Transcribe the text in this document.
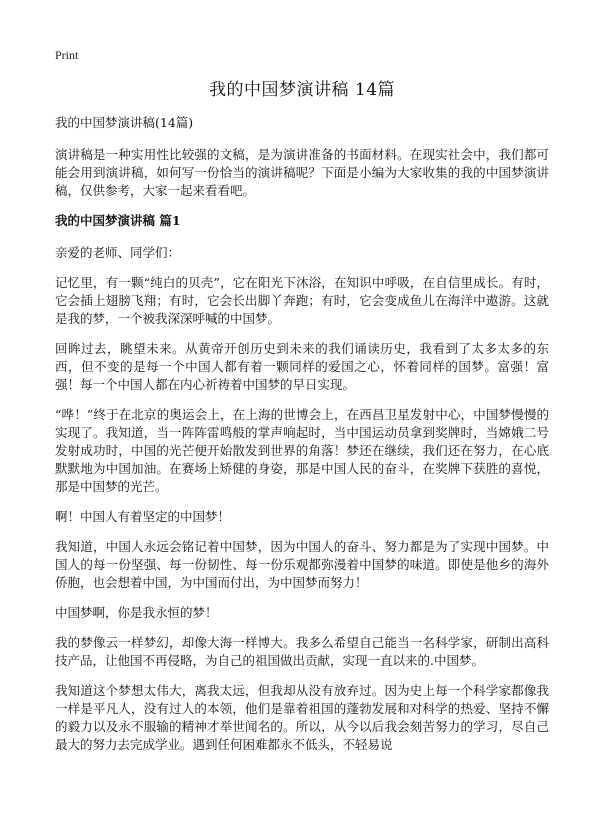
Print
我的中国梦演讲稿 14篇
我的中国梦演讲稿(14篇)

演讲稿是一种实用性比较强的文稿，是为演讲准备的书面材料。在现实社会中，我们都可能会用到演讲稿，如何写一份恰当的演讲稿呢？下面是小编为大家收集的我的中国梦演讲稿，仅供参考，大家一起来看看吧。

我的中国梦演讲稿 篇1

亲爱的老师、同学们：

记忆里，有一颗“纯白的贝壳”，它在阳光下沐浴，在知识中呼吸，在自信里成长。有时，它会插上翅膀飞翔；有时，它会长出脚丫奔跑；有时，它会变成鱼儿在海洋中遨游。这就是我的梦，一个被我深深呼喊的中国梦。

回眸过去，眺望未来。从黄帝开创历史到未来的我们诵读历史，我看到了太多太多的东西，但不变的是每一个中国人都有着一颗同样的爱国之心，怀着同样的国梦。富强！富强！每一个中国人都在内心祈祷着中国梦的早日实现。

“哗！”终于在北京的奥运会上，在上海的世博会上，在西昌卫星发射中心，中国梦慢慢的实现了。我知道，当一阵阵雷鸣般的掌声响起时，当中国运动员拿到奖牌时，当嫦娥二号发射成功时，中国的光芒便开始散发到世界的角落！梦还在继续，我们还在努力，在心底默默地为中国加油。在赛场上矫健的身姿，那是中国人民的奋斗，在奖牌下获胜的喜悦，那是中国梦的光芒。

啊！中国人有着坚定的中国梦！

我知道，中国人永远会铭记着中国梦，因为中国人的奋斗、努力都是为了实现中国梦。中国人的每一份坚强、每一份韧性、每一份乐观都弥漫着中国梦的味道。即使是他乡的海外侨胞，也会想着中国，为中国而付出，为中国梦而努力！

中国梦啊，你是我永恒的梦！

我的梦像云一样梦幻，却像大海一样博大。我多么希望自己能当一名科学家，研制出高科技产品，让他国不再侵略，为自己的祖国做出贡献，实现一直以来的.中国梦。

我知道这个梦想太伟大，离我太远，但我却从没有放弃过。因为史上每一个科学家都像我一样是平凡人，没有过人的本领，他们是靠着祖国的蓬勃发展和对科学的热爱、坚持不懈的毅力以及永不服输的精神才举世闻名的。所以，从今以后我会刻苦努力的学习，尽自己最大的努力去完成学业。遇到任何困难都永不低头，不轻易说
